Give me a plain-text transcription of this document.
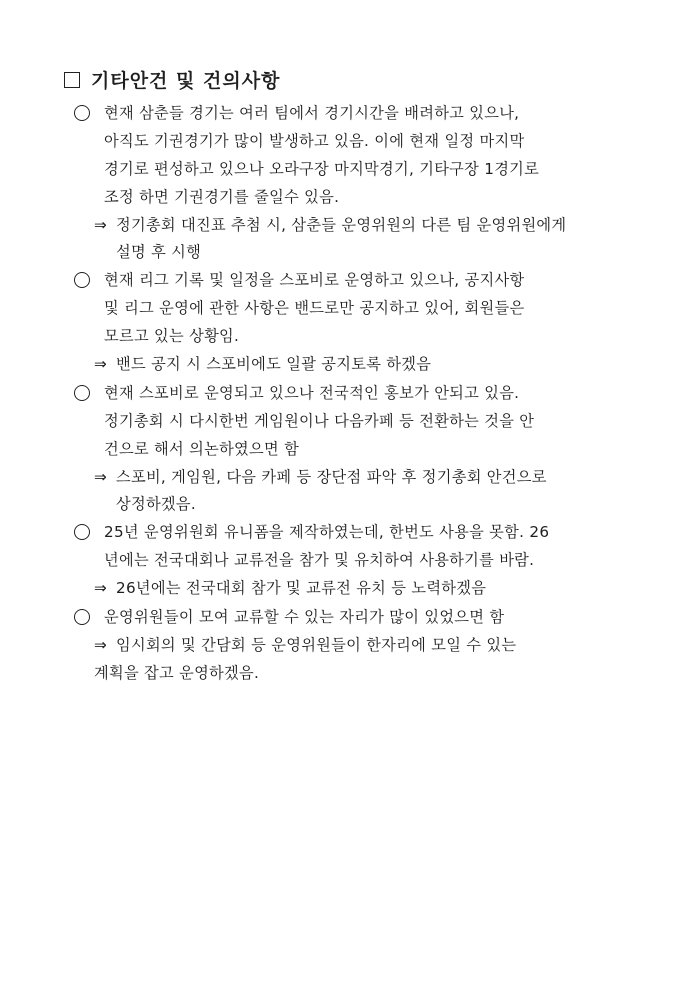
기타안건 및 건의사항
현재 삼춘들 경기는 여러 팀에서 경기시간을 배려하고 있으나,
아직도 기권경기가 많이 발생하고 있음. 이에 현재 일정 마지막
경기로 편성하고 있으나 오라구장 마지막경기, 기타구장 1경기로
조정 하면 기권경기를 줄일수 있음.
⇒ 정기총회 대진표 추첨 시, 삼춘들 운영위원의 다른 팀 운영위원에게
설명 후 시행
현재 리그 기록 및 일정을 스포비로 운영하고 있으나, 공지사항
및 리그 운영에 관한 사항은 밴드로만 공지하고 있어, 회원들은
모르고 있는 상황임.
⇒ 밴드 공지 시 스포비에도 일괄 공지토록 하겠음
현재 스포비로 운영되고 있으나 전국적인 홍보가 안되고 있음.
정기총회 시 다시한번 게임원이나 다음카페 등 전환하는 것을 안
건으로 해서 의논하였으면 함
⇒ 스포비, 게임원, 다음 카페 등 장단점 파악 후 정기총회 안건으로
상정하겠음.
25년 운영위원회 유니폼을 제작하였는데, 한번도 사용을 못함. 26
년에는 전국대회나 교류전을 참가 및 유치하여 사용하기를 바람.
⇒ 26년에는 전국대회 참가 및 교류전 유치 등 노력하겠음
운영위원들이 모여 교류할 수 있는 자리가 많이 있었으면 함
⇒ 임시회의 및 간담회 등 운영위원들이 한자리에 모일 수 있는
계획을 잡고 운영하겠음.
